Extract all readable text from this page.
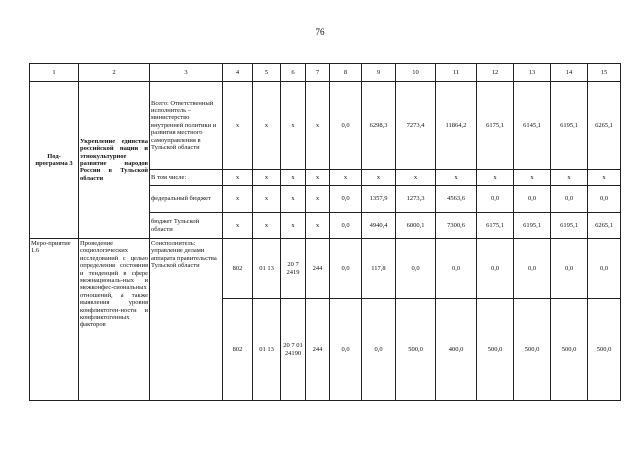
76
1	2	3	4	5	6	7	8	9	10	11	12	13	14	15
Под-программа 3	Укрепление единства российской нации и этнокультурное развитие народов России в Тульской области	Всего: Ответственный исполнитель – министерство внутренней политики и развития местного самоуправления в Тульской области	x	x	x	x	0,0	6298,3	7273,4	11864,2	6175,1	6145,1	6195,1	6265,1
		В том числе:	x	x	x	x	x	x	x	x	x	x	x	x
		федеральный бюджет	x	x	x	x	0,0	1357,9	1273,3	4563,6	0,0	0,0	0,0	0,0
		бюджет Тульской области	x	x	x	x	0,0	4940,4	6000,1	7300,6	6175,1	6195,1	6195,1	6265,1
Меро-приятие 1.6	Проведение социологических исследований с целью определения состояния и тенденций в сфере межнациональ-ных и межконфес-сиональных отношений, а также выявления уровня конфликтоген-ности и конфликтогенных факторов	Соисполнитель: управление делами аппарата правительства Тульской области	802	01 13	20 7 2419	244	0,0	117,8	0,0	0,0	0,0	0,0	0,0	0,0
			802	01 13	20 7 01 24190	244	0,0	0,0	500,0	400,0	500,0	500,0	500,0	500,0
